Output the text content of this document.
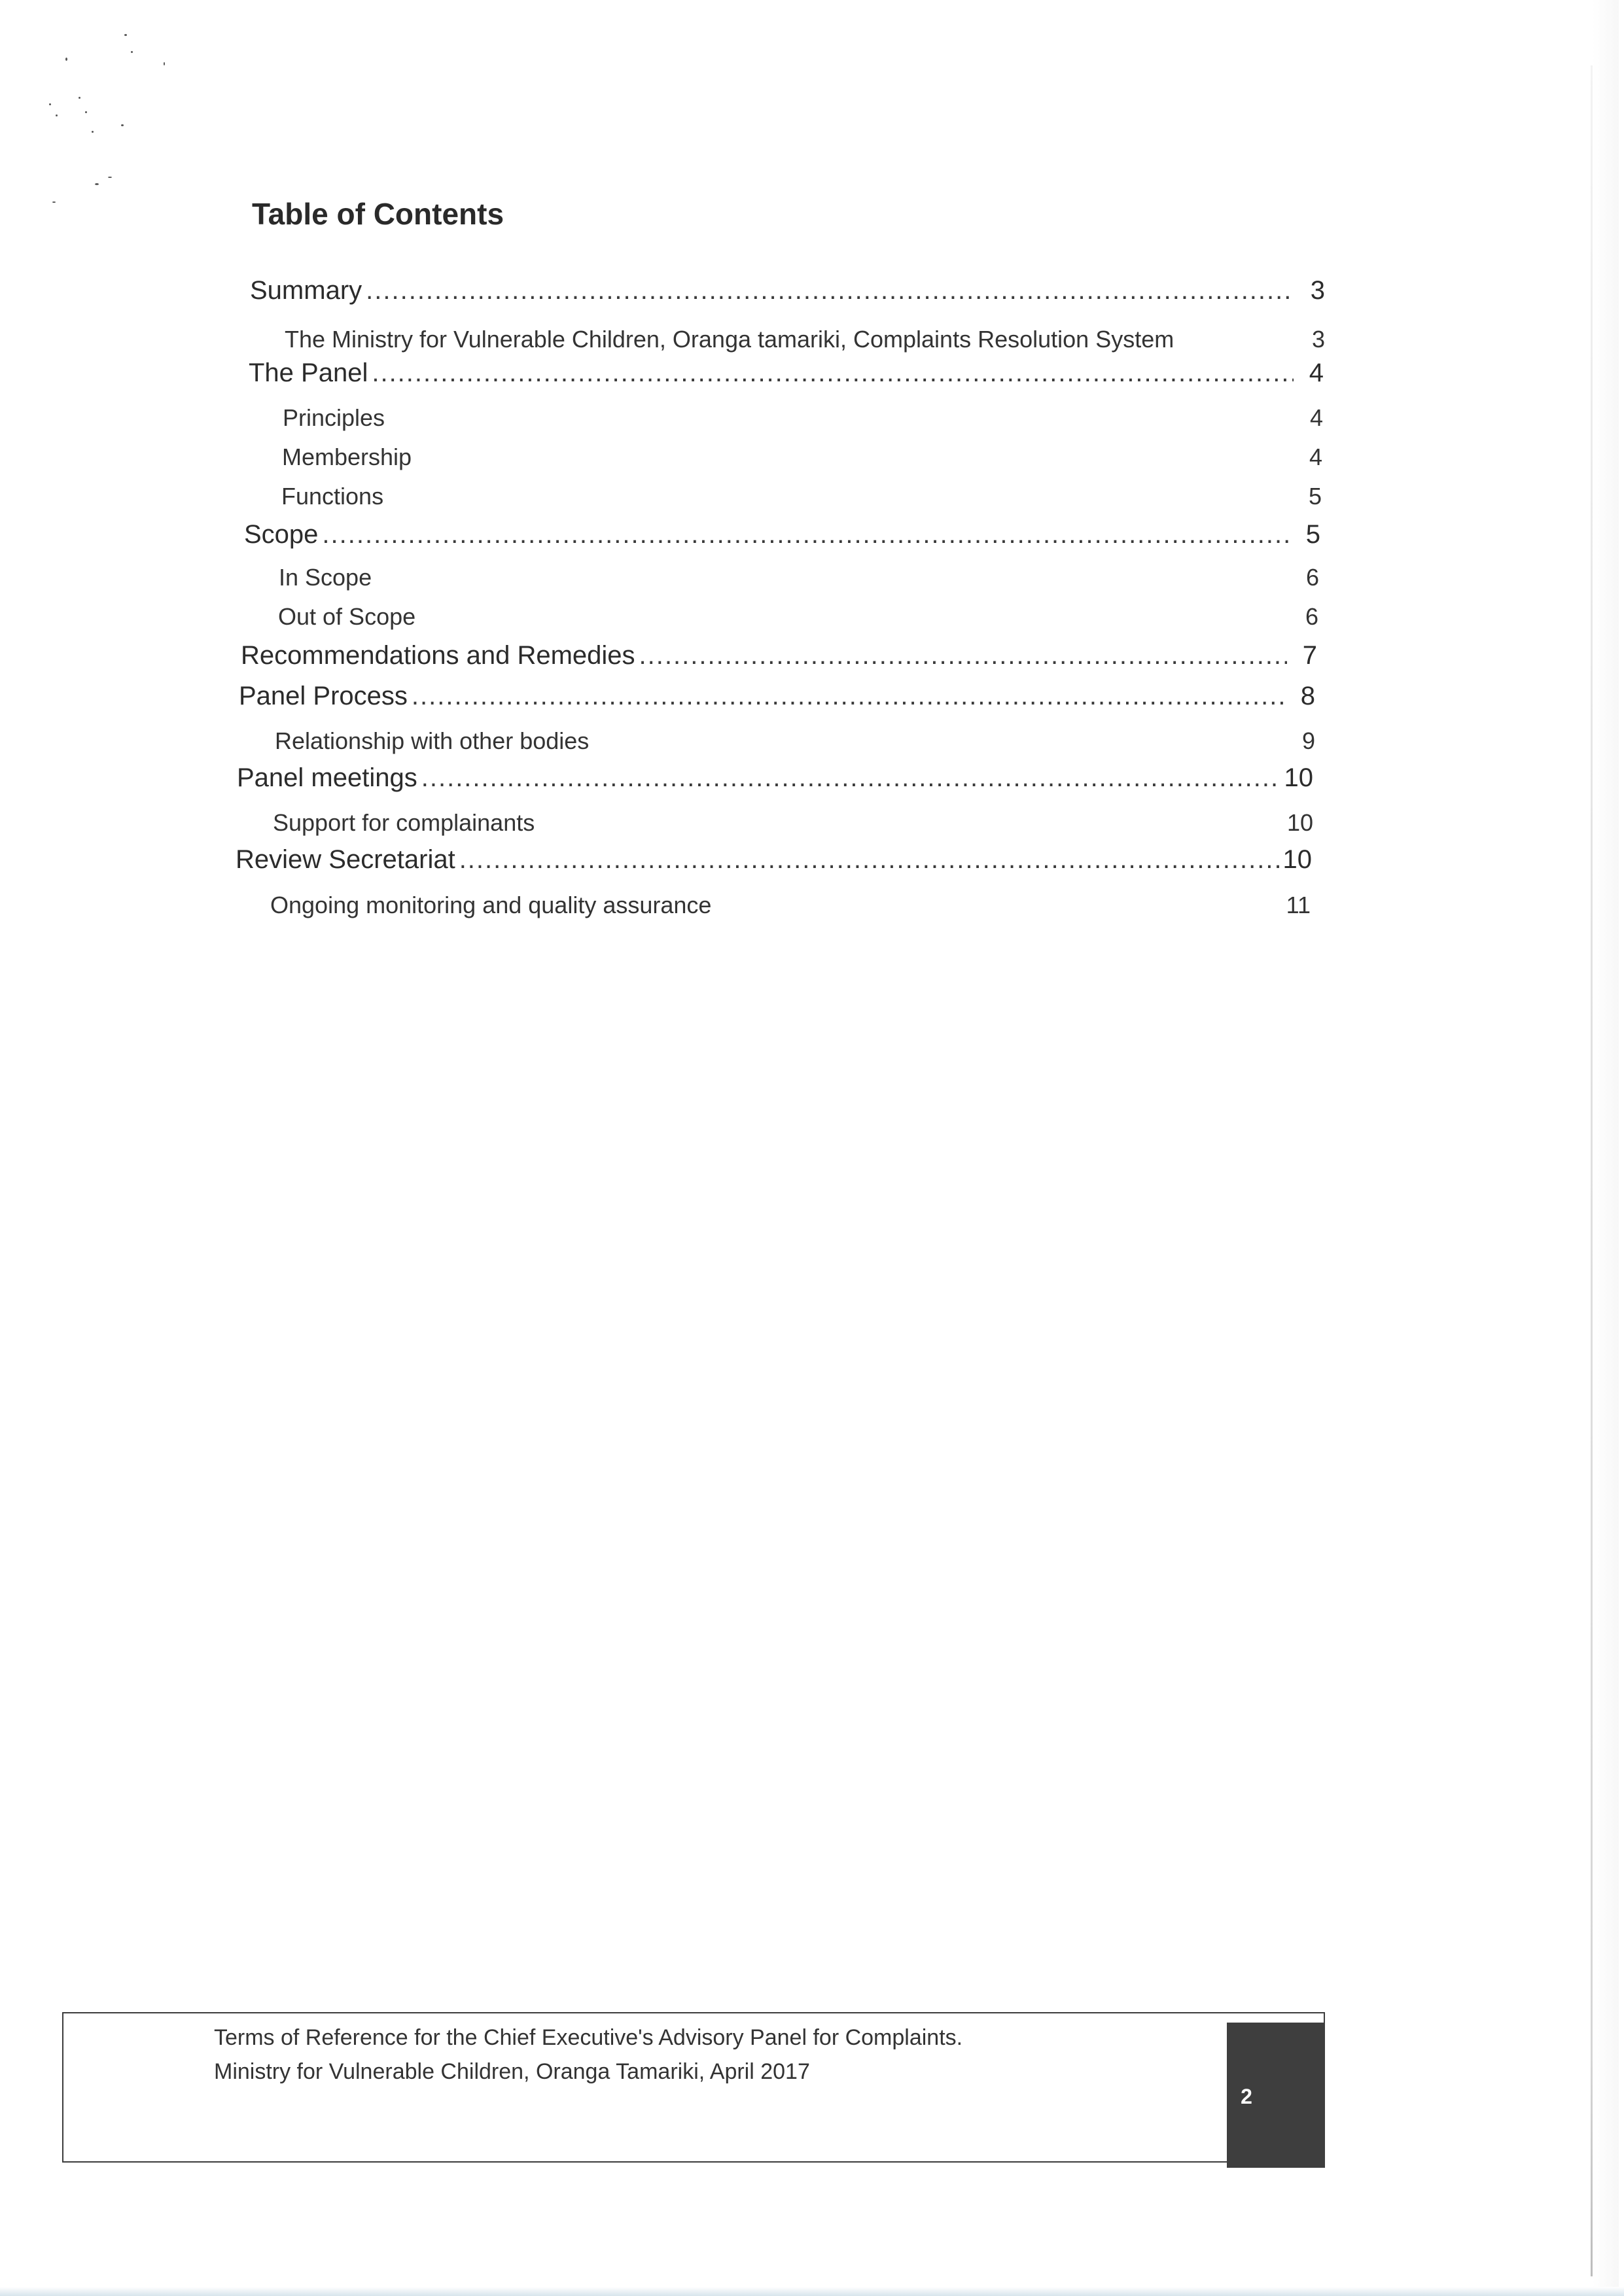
Table of Contents
Summary .....	3
The Ministry for Vulnerable Children, Oranga tamariki, Complaints Resolution System	3
The Panel .....	4
Principles	4
Membership	4
Functions	5
Scope .....	5
In Scope	6
Out of Scope	6
Recommendations and Remedies .....	7
Panel Process .....	8
Relationship with other bodies	9
Panel meetings .....	10
Support for complainants	10
Review Secretariat .....	10
Ongoing monitoring and quality assurance	11
Terms of Reference for the Chief Executive's Advisory Panel for Complaints.
Ministry for Vulnerable Children, Oranga Tamariki, April 2017
2
